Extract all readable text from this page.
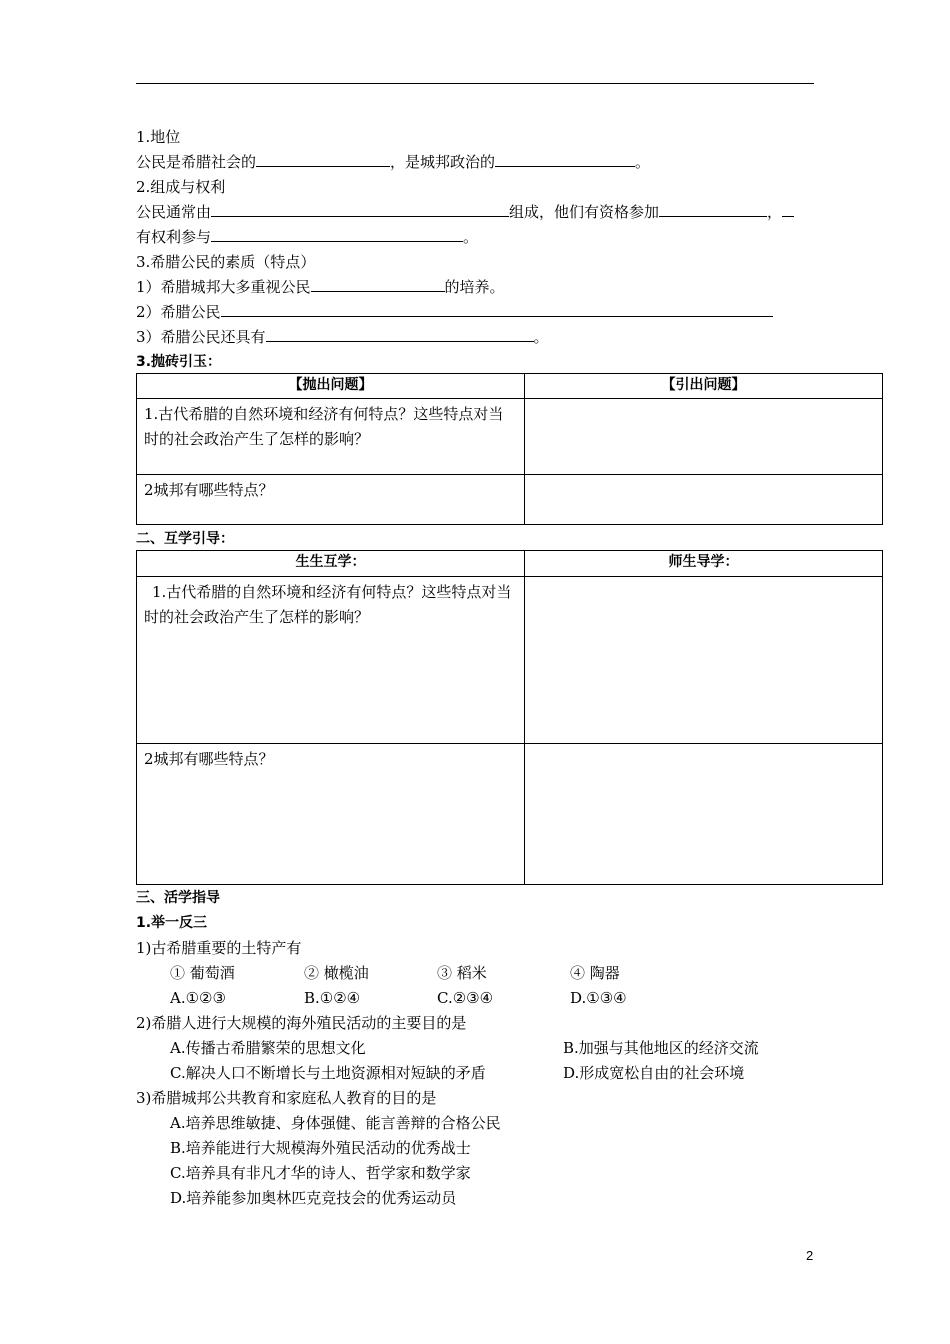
1.地位
公民是希腊社会的	，是城邦政治的	。
2.组成与权利
公民通常由	组成，他们有资格参加	，
有权利参与	。
3.希腊公民的素质（特点）
1）希腊城邦大多重视公民	的培养。
2）希腊公民
3）希腊公民还具有	。
3.抛砖引玉：
【抛出问题】	【引出问题】
1.古代希腊的自然环境和经济有何特点？这些特点对当时的社会政治产生了怎样的影响？	
2城邦有哪些特点？	
二、互学引导：
生生互学：	师生导学：
1.古代希腊的自然环境和经济有何特点？这些特点对当时的社会政治产生了怎样的影响？	
2城邦有哪些特点？	
三、活学指导
1.举一反三
1)古希腊重要的土特产有
① 葡萄酒	② 橄榄油	③ 稻米	④ 陶器
A.①②③	B.①②④	C.②③④	D.①③④
2)希腊人进行大规模的海外殖民活动的主要目的是
A.传播古希腊繁荣的思想文化	B.加强与其他地区的经济交流
C.解决人口不断增长与土地资源相对短缺的矛盾	D.形成宽松自由的社会环境
3)希腊城邦公共教育和家庭私人教育的目的是
A.培养思维敏捷、身体强健、能言善辩的合格公民
B.培养能进行大规模海外殖民活动的优秀战士
C.培养具有非凡才华的诗人、哲学家和数学家
D.培养能参加奥林匹克竞技会的优秀运动员
2
